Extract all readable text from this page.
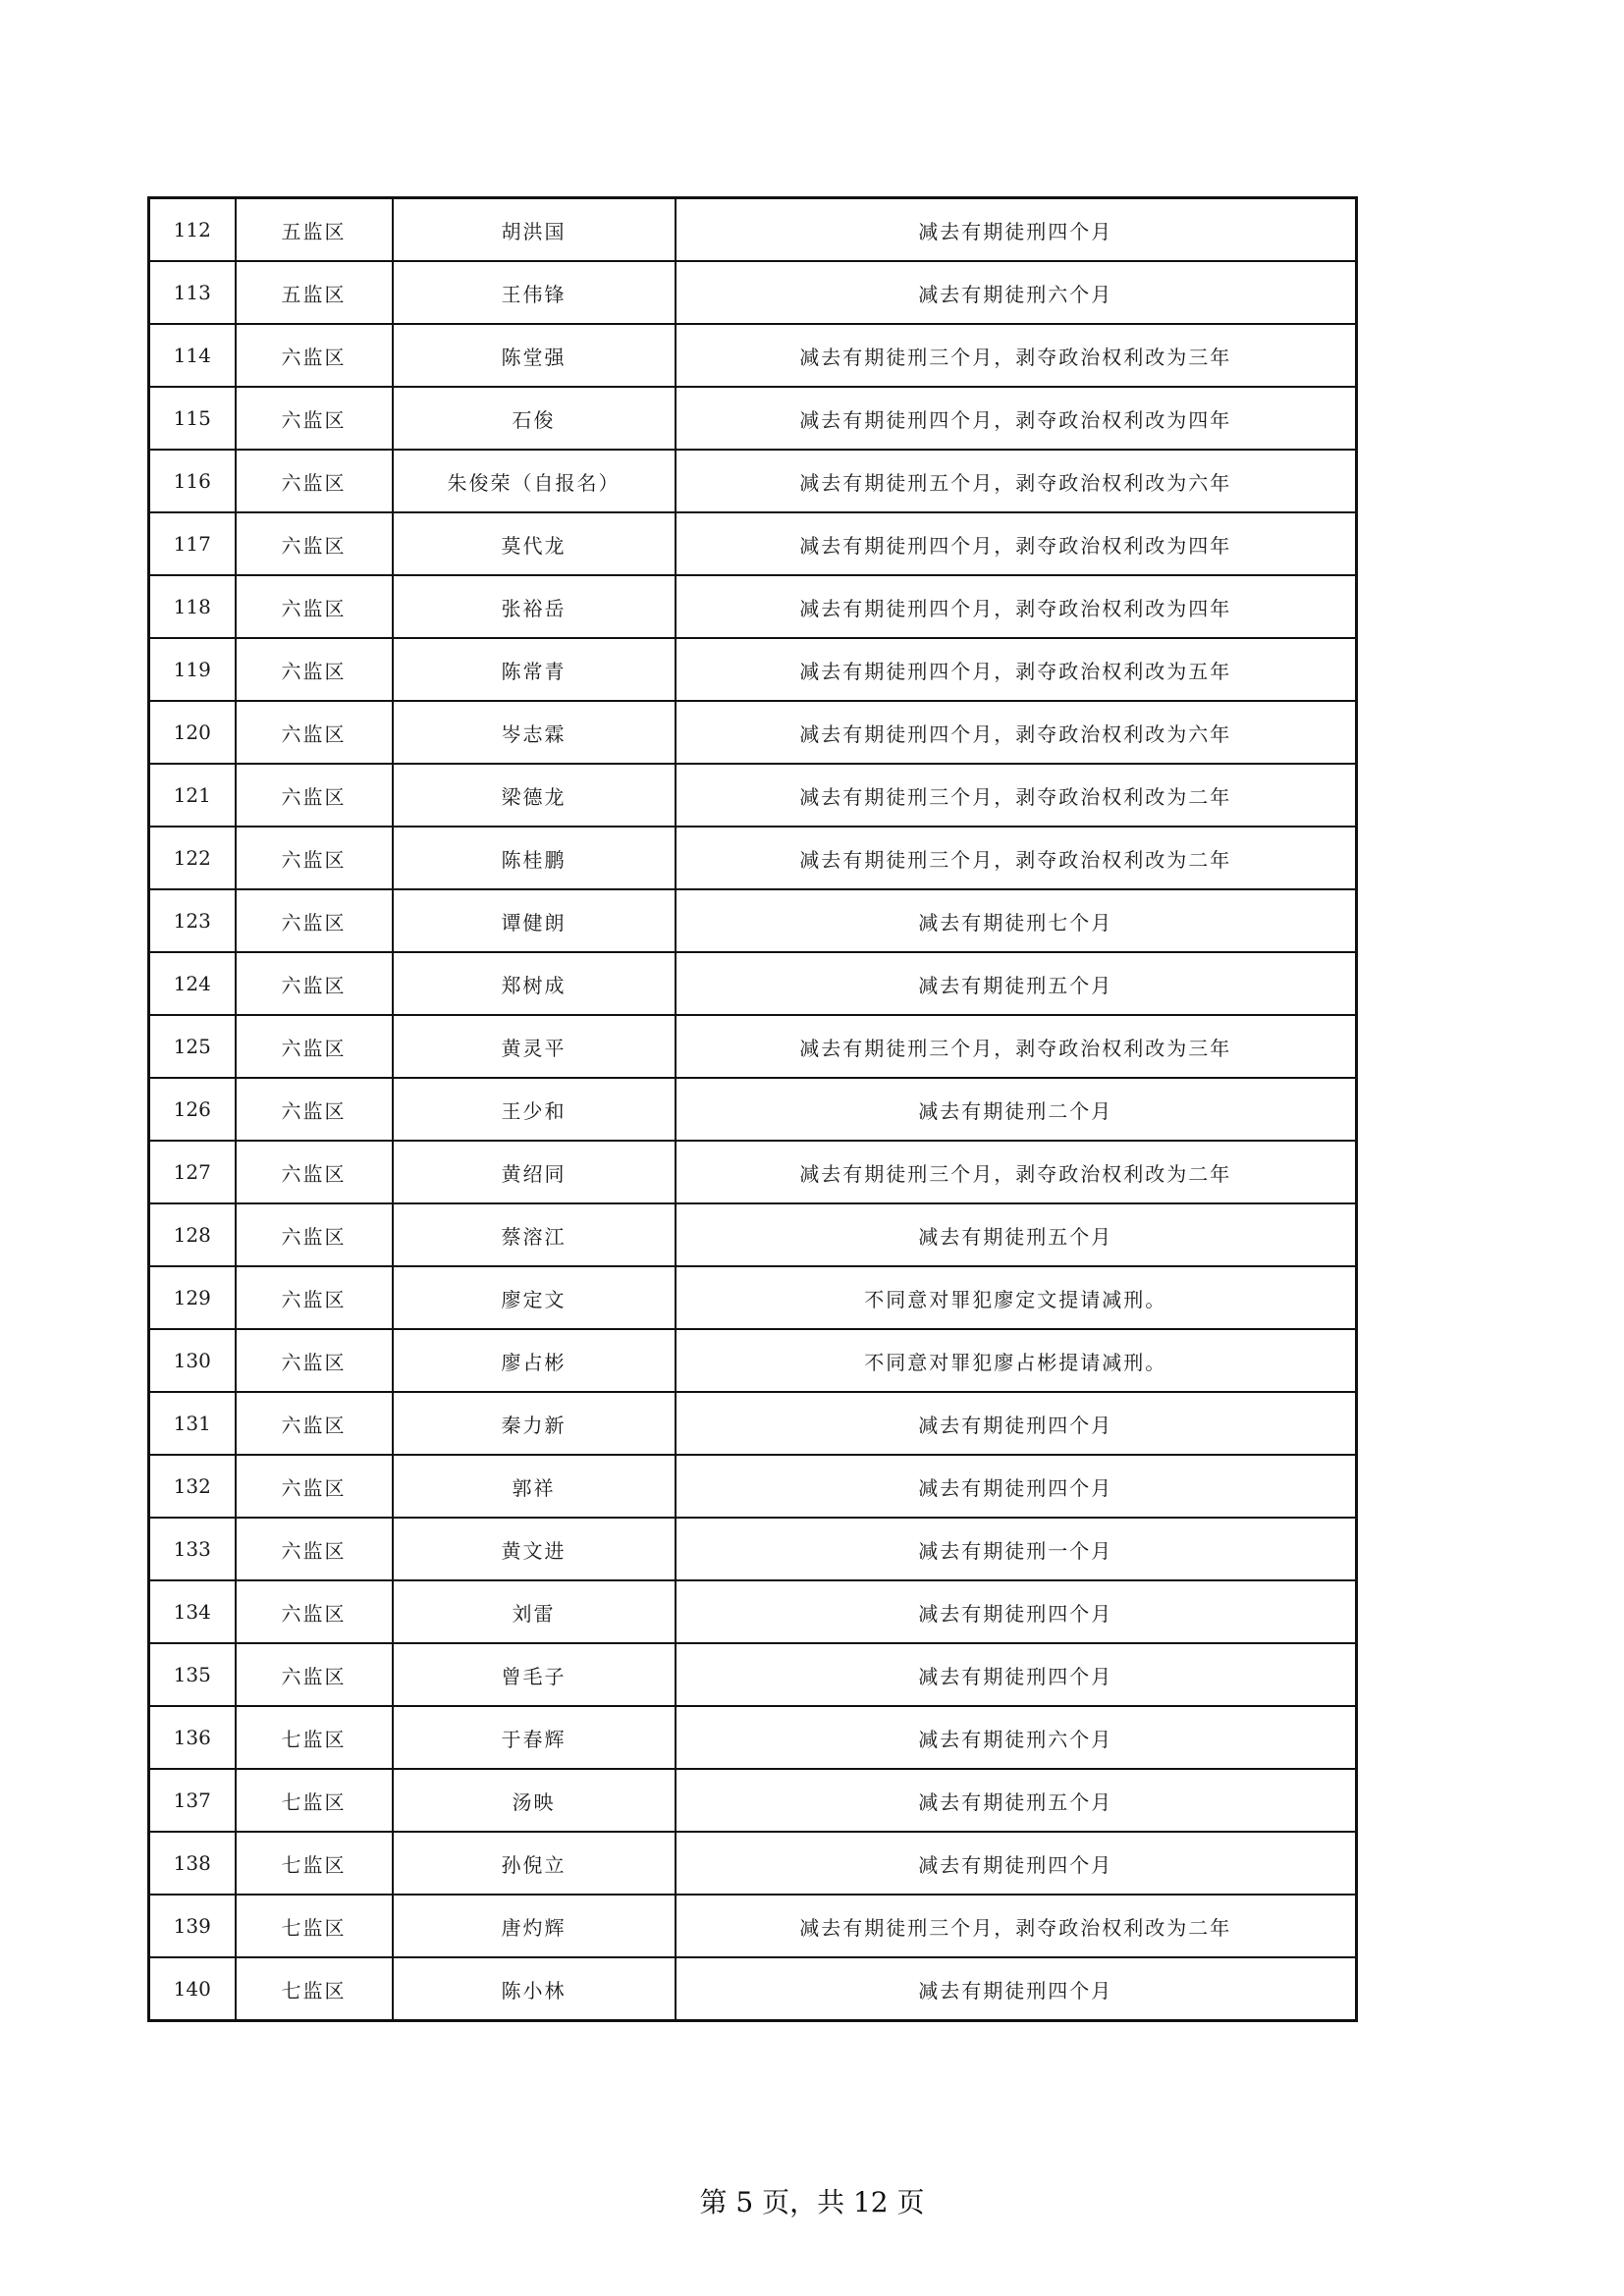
112	五监区	胡洪国	减去有期徒刑四个月
113	五监区	王伟锋	减去有期徒刑六个月
114	六监区	陈堂强	减去有期徒刑三个月，剥夺政治权利改为三年
115	六监区	石俊	减去有期徒刑四个月，剥夺政治权利改为四年
116	六监区	朱俊荣（自报名）	减去有期徒刑五个月，剥夺政治权利改为六年
117	六监区	莫代龙	减去有期徒刑四个月，剥夺政治权利改为四年
118	六监区	张裕岳	减去有期徒刑四个月，剥夺政治权利改为四年
119	六监区	陈常青	减去有期徒刑四个月，剥夺政治权利改为五年
120	六监区	岑志霖	减去有期徒刑四个月，剥夺政治权利改为六年
121	六监区	梁德龙	减去有期徒刑三个月，剥夺政治权利改为二年
122	六监区	陈桂鹏	减去有期徒刑三个月，剥夺政治权利改为二年
123	六监区	谭健朗	减去有期徒刑七个月
124	六监区	郑树成	减去有期徒刑五个月
125	六监区	黄灵平	减去有期徒刑三个月，剥夺政治权利改为三年
126	六监区	王少和	减去有期徒刑二个月
127	六监区	黄绍同	减去有期徒刑三个月，剥夺政治权利改为二年
128	六监区	蔡溶江	减去有期徒刑五个月
129	六监区	廖定文	不同意对罪犯廖定文提请减刑。
130	六监区	廖占彬	不同意对罪犯廖占彬提请减刑。
131	六监区	秦力新	减去有期徒刑四个月
132	六监区	郭祥	减去有期徒刑四个月
133	六监区	黄文进	减去有期徒刑一个月
134	六监区	刘雷	减去有期徒刑四个月
135	六监区	曾毛子	减去有期徒刑四个月
136	七监区	于春辉	减去有期徒刑六个月
137	七监区	汤映	减去有期徒刑五个月
138	七监区	孙倪立	减去有期徒刑四个月
139	七监区	唐灼辉	减去有期徒刑三个月，剥夺政治权利改为二年
140	七监区	陈小林	减去有期徒刑四个月
第 5 页，共 12 页
